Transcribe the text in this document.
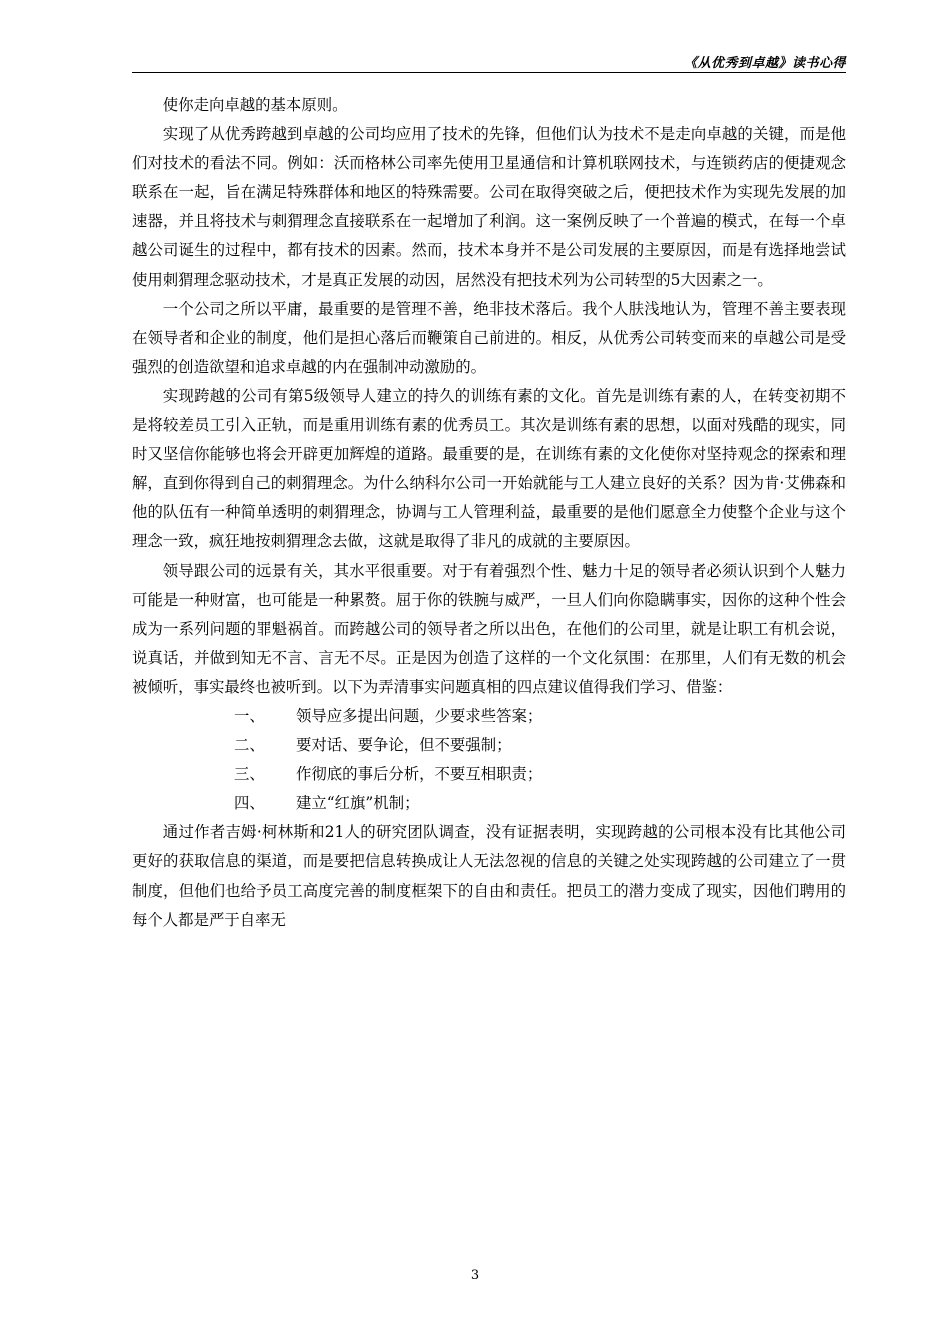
《从优秀到卓越》读书心得

使你走向卓越的基本原则。

实现了从优秀跨越到卓越的公司均应用了技术的先锋，但他们认为技术不是走向卓越的关键，而是他们对技术的看法不同。例如：沃而格林公司率先使用卫星通信和计算机联网技术，与连锁药店的便捷观念联系在一起，旨在满足特殊群体和地区的特殊需要。公司在取得突破之后，便把技术作为实现先发展的加速器，并且将技术与刺猬理念直接联系在一起增加了利润。这一案例反映了一个普遍的模式，在每一个卓越公司诞生的过程中，都有技术的因素。然而，技术本身并不是公司发展的主要原因，而是有选择地尝试使用刺猬理念驱动技术，才是真正发展的动因，居然没有把技术列为公司转型的5大因素之一。

一个公司之所以平庸，最重要的是管理不善，绝非技术落后。我个人肤浅地认为，管理不善主要表现在领导者和企业的制度，他们是担心落后而鞭策自己前进的。相反，从优秀公司转变而来的卓越公司是受强烈的创造欲望和追求卓越的内在强制冲动激励的。

实现跨越的公司有第5级领导人建立的持久的训练有素的文化。首先是训练有素的人，在转变初期不是将较差员工引入正轨，而是重用训练有素的优秀员工。其次是训练有素的思想，以面对残酷的现实，同时又坚信你能够也将会开辟更加辉煌的道路。最重要的是，在训练有素的文化使你对坚持观念的探索和理解，直到你得到自己的刺猬理念。为什么纳科尔公司一开始就能与工人建立良好的关系？因为肯·艾佛森和他的队伍有一种简单透明的刺猬理念，协调与工人管理利益，最重要的是他们愿意全力使整个企业与这个理念一致，疯狂地按刺猬理念去做，这就是取得了非凡的成就的主要原因。

领导跟公司的远景有关，其水平很重要。对于有着强烈个性、魅力十足的领导者必须认识到个人魅力可能是一种财富，也可能是一种累赘。屈于你的铁腕与威严，一旦人们向你隐瞒事实，因你的这种个性会成为一系列问题的罪魁祸首。而跨越公司的领导者之所以出色，在他们的公司里，就是让职工有机会说，说真话，并做到知无不言、言无不尽。正是因为创造了这样的一个文化氛围：在那里，人们有无数的机会被倾听，事实最终也被听到。以下为弄清事实问题真相的四点建议值得我们学习、借鉴：

一、 领导应多提出问题，少要求些答案；
二、 要对话、要争论，但不要强制；
三、 作彻底的事后分析，不要互相职责；
四、 建立“红旗”机制；

通过作者吉姆·柯林斯和21人的研究团队调查，没有证据表明，实现跨越的公司根本没有比其他公司更好的获取信息的渠道，而是要把信息转换成让人无法忽视的信息的关键之处实现跨越的公司建立了一贯制度，但他们也给予员工高度完善的制度框架下的自由和责任。把员工的潜力变成了现实，因他们聘用的每个人都是严于自率无

3
